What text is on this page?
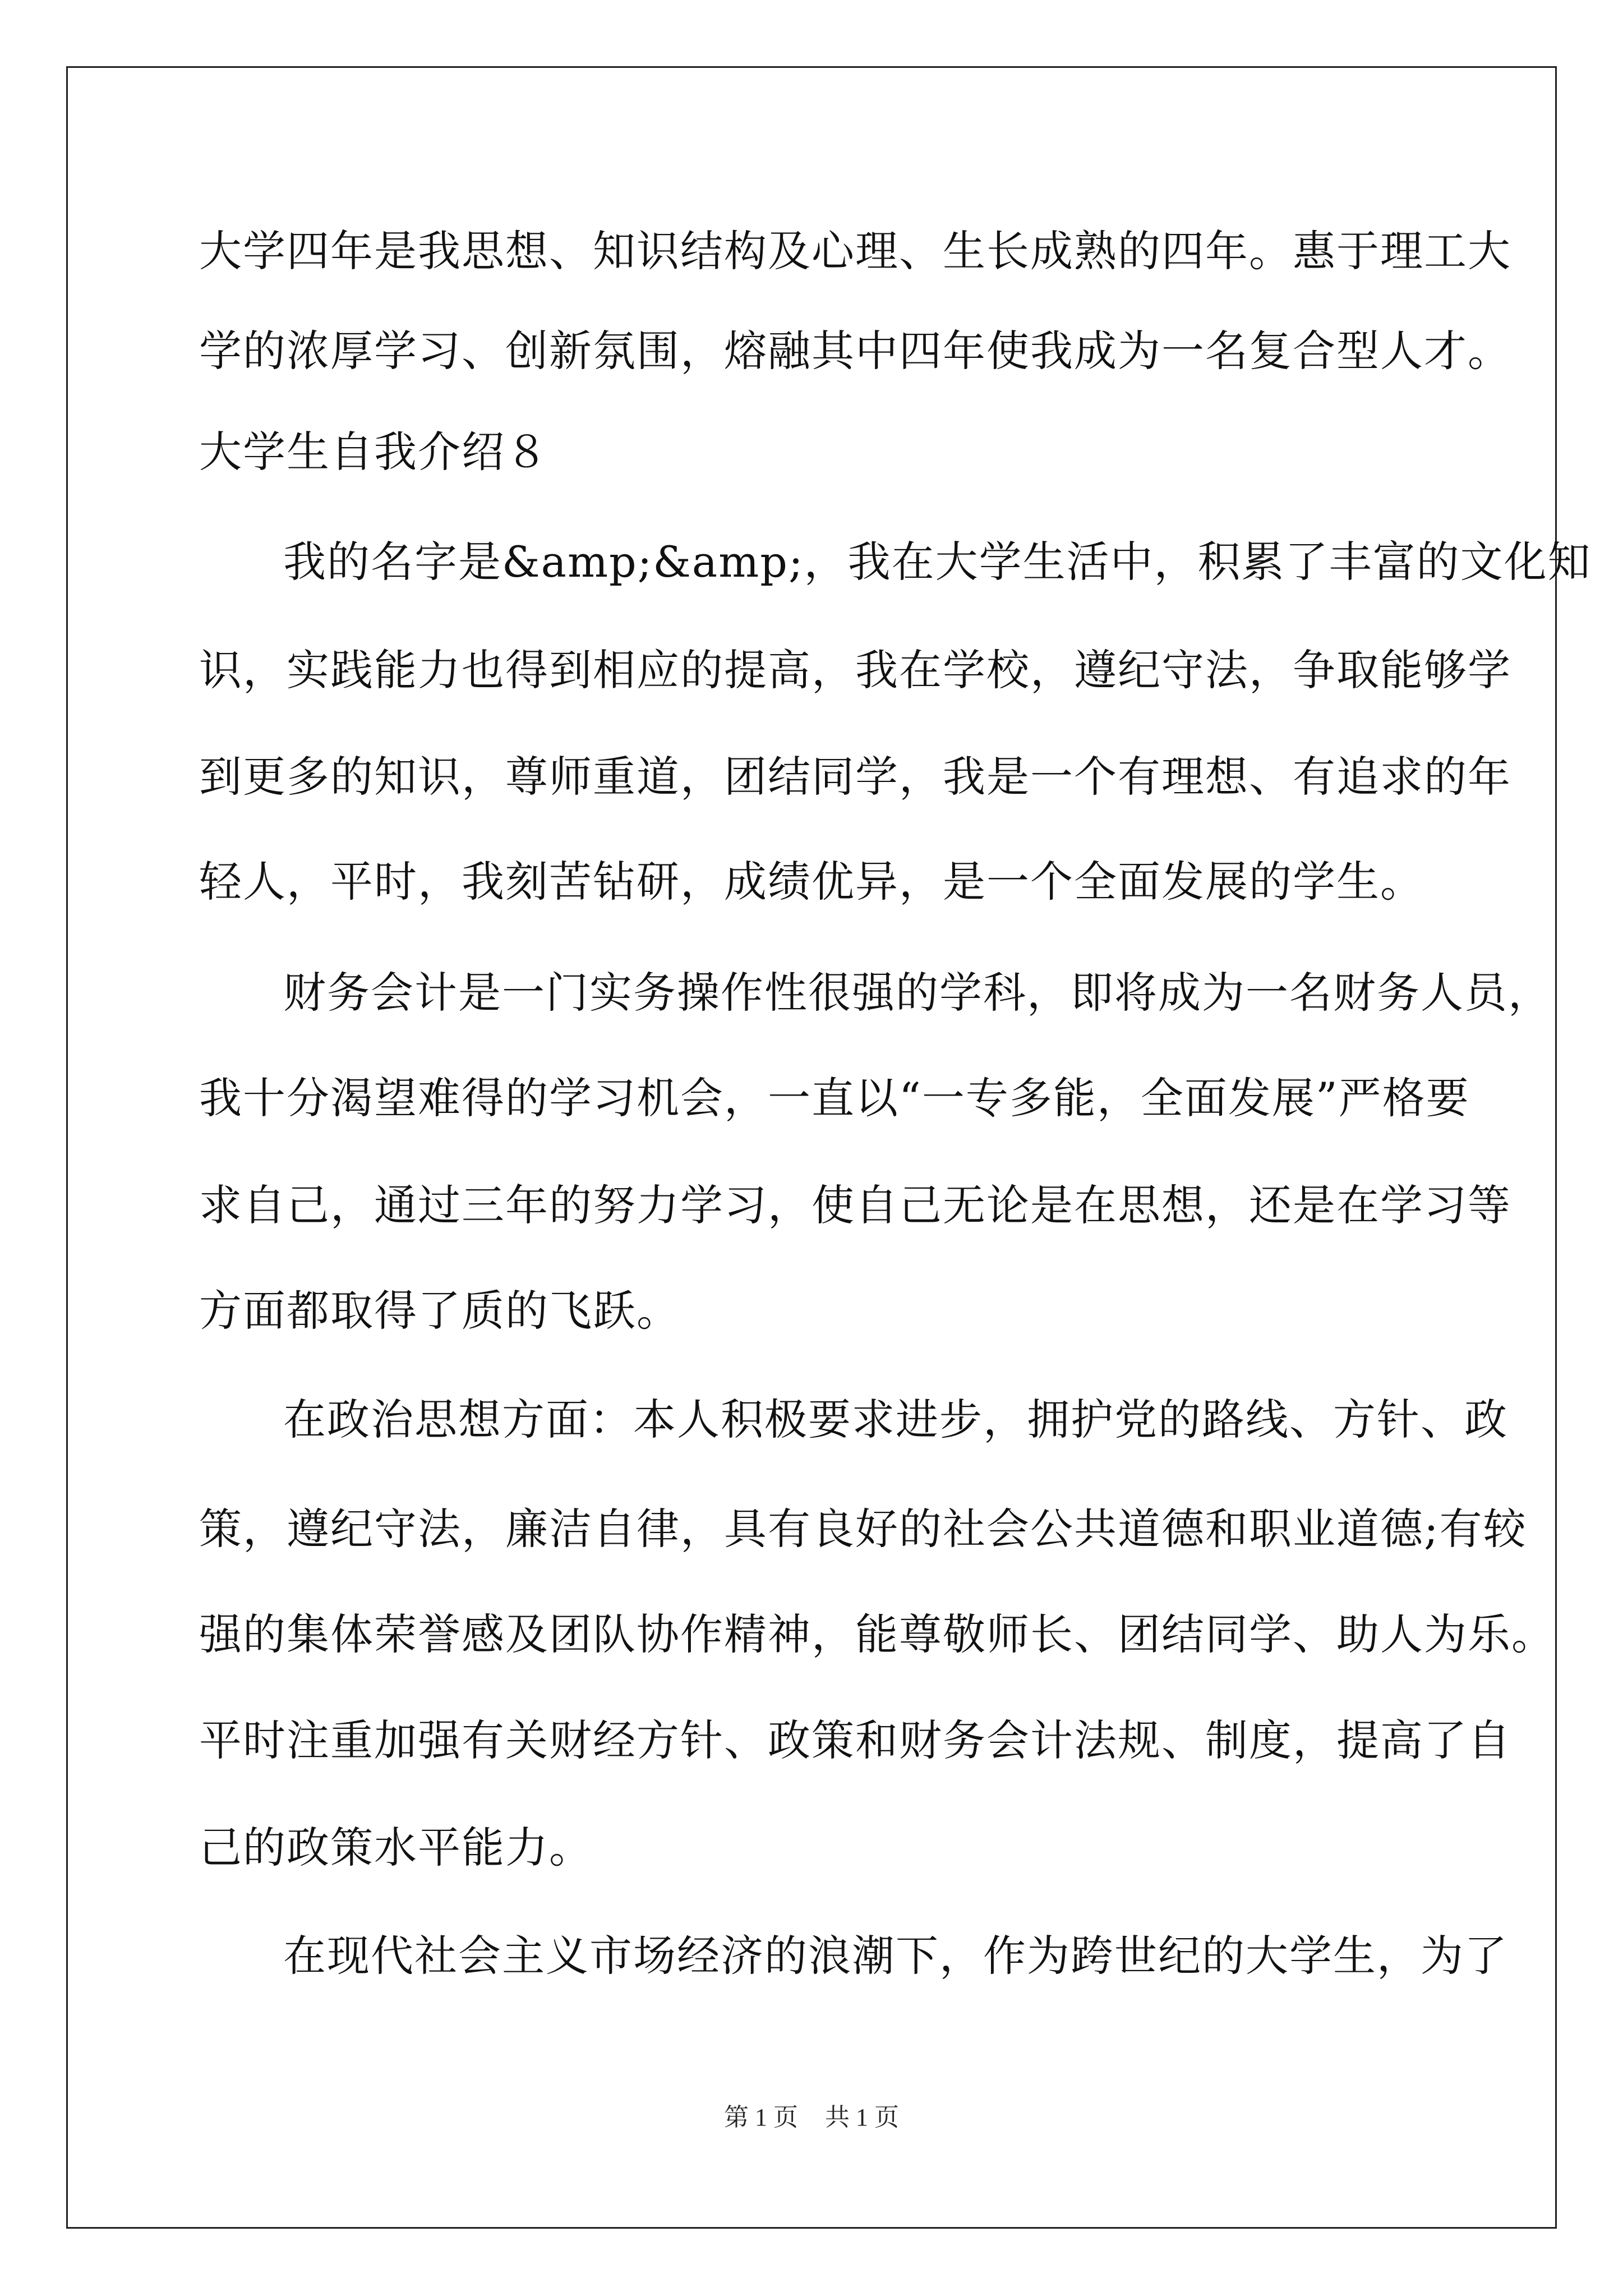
大学四年是我思想、知识结构及心理、生长成熟的四年。惠于理工大
学的浓厚学习、创新氛围，熔融其中四年使我成为一名复合型人才。
大学生自我介绍８
我的名字是&amp;&amp;，我在大学生活中，积累了丰富的文化知
识，实践能力也得到相应的提高，我在学校，遵纪守法，争取能够学
到更多的知识，尊师重道，团结同学，我是一个有理想、有追求的年
轻人，平时，我刻苦钻研，成绩优异，是一个全面发展的学生。
财务会计是一门实务操作性很强的学科，即将成为一名财务人员，
我十分渴望难得的学习机会，一直以“一专多能，全面发展”严格要
求自己，通过三年的努力学习，使自己无论是在思想，还是在学习等
方面都取得了质的飞跃。
在政治思想方面：本人积极要求进步，拥护党的路线、方针、政
策，遵纪守法，廉洁自律，具有良好的社会公共道德和职业道德;有较
强的集体荣誉感及团队协作精神，能尊敬师长、团结同学、助人为乐。
平时注重加强有关财经方针、政策和财务会计法规、制度，提高了自
己的政策水平能力。
在现代社会主义市场经济的浪潮下，作为跨世纪的大学生，为了
第 1 页 共 1 页
